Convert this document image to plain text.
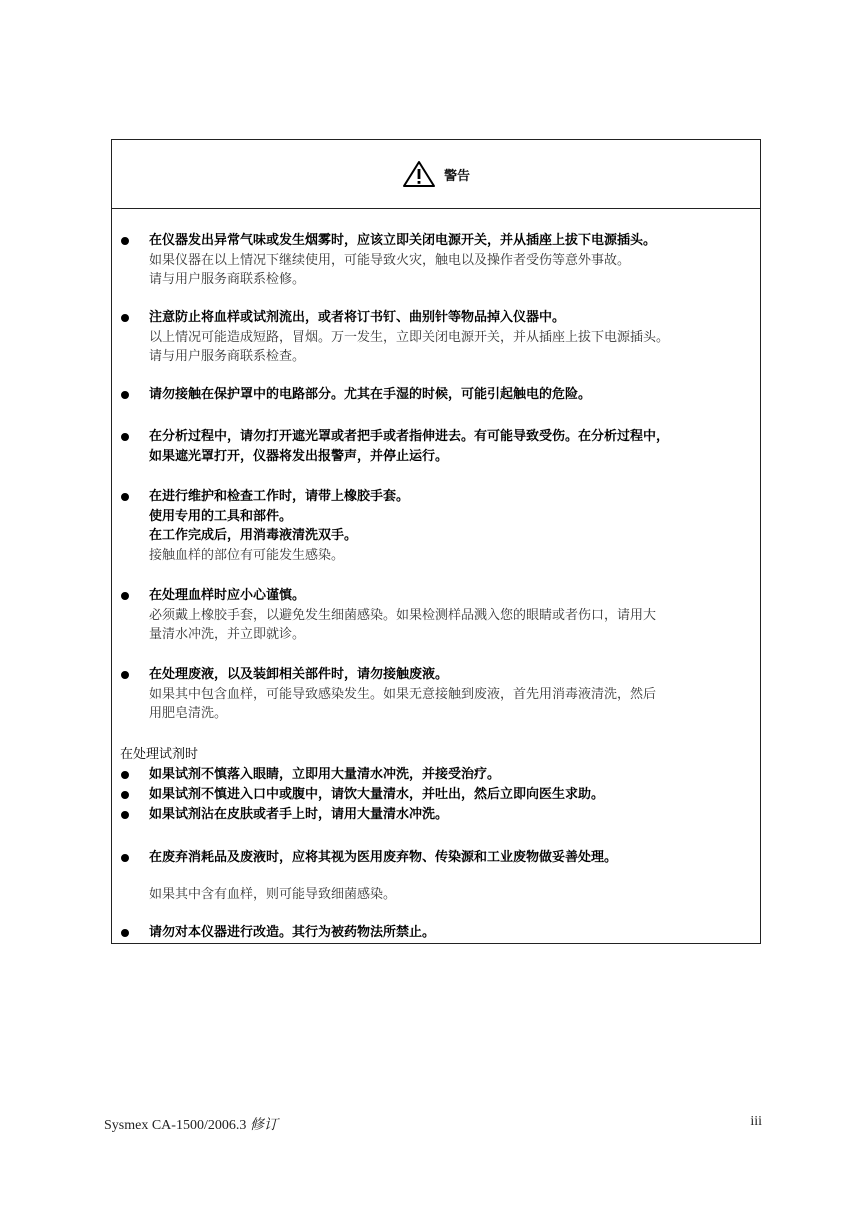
警告
在仪器发出异常气味或发生烟雾时，应该立即关闭电源开关，并从插座上拔下电源插头。
如果仪器在以上情况下继续使用，可能导致火灾，触电以及操作者受伤等意外事故。
请与用户服务商联系检修。
注意防止将血样或试剂流出，或者将订书钉、曲别针等物品掉入仪器中。
以上情况可能造成短路，冒烟。万一发生，立即关闭电源开关，并从插座上拔下电源插头。
请与用户服务商联系检查。
请勿接触在保护罩中的电路部分。尤其在手湿的时候，可能引起触电的危险。
在分析过程中，请勿打开遮光罩或者把手或者指伸进去。有可能导致受伤。在分析过程中，
如果遮光罩打开，仪器将发出报警声，并停止运行。
在进行维护和检查工作时，请带上橡胶手套。
使用专用的工具和部件。
在工作完成后，用消毒液清洗双手。
接触血样的部位有可能发生感染。
在处理血样时应小心谨慎。
必须戴上橡胶手套，以避免发生细菌感染。如果检测样品溅入您的眼睛或者伤口，请用大
量清水冲洗，并立即就诊。
在处理废液，以及装卸相关部件时，请勿接触废液。
如果其中包含血样，可能导致感染发生。如果无意接触到废液，首先用消毒液清洗，然后
用肥皂清洗。
在处理试剂时
如果试剂不慎落入眼睛，立即用大量清水冲洗，并接受治疗。
如果试剂不慎进入口中或腹中，请饮大量清水，并吐出，然后立即向医生求助。
如果试剂沾在皮肤或者手上时，请用大量清水冲洗。
在废弃消耗品及废液时，应将其视为医用废弃物、传染源和工业废物做妥善处理。
如果其中含有血样，则可能导致细菌感染。
请勿对本仪器进行改造。其行为被药物法所禁止。
Sysmex CA-1500/2006.3 修订	iii
